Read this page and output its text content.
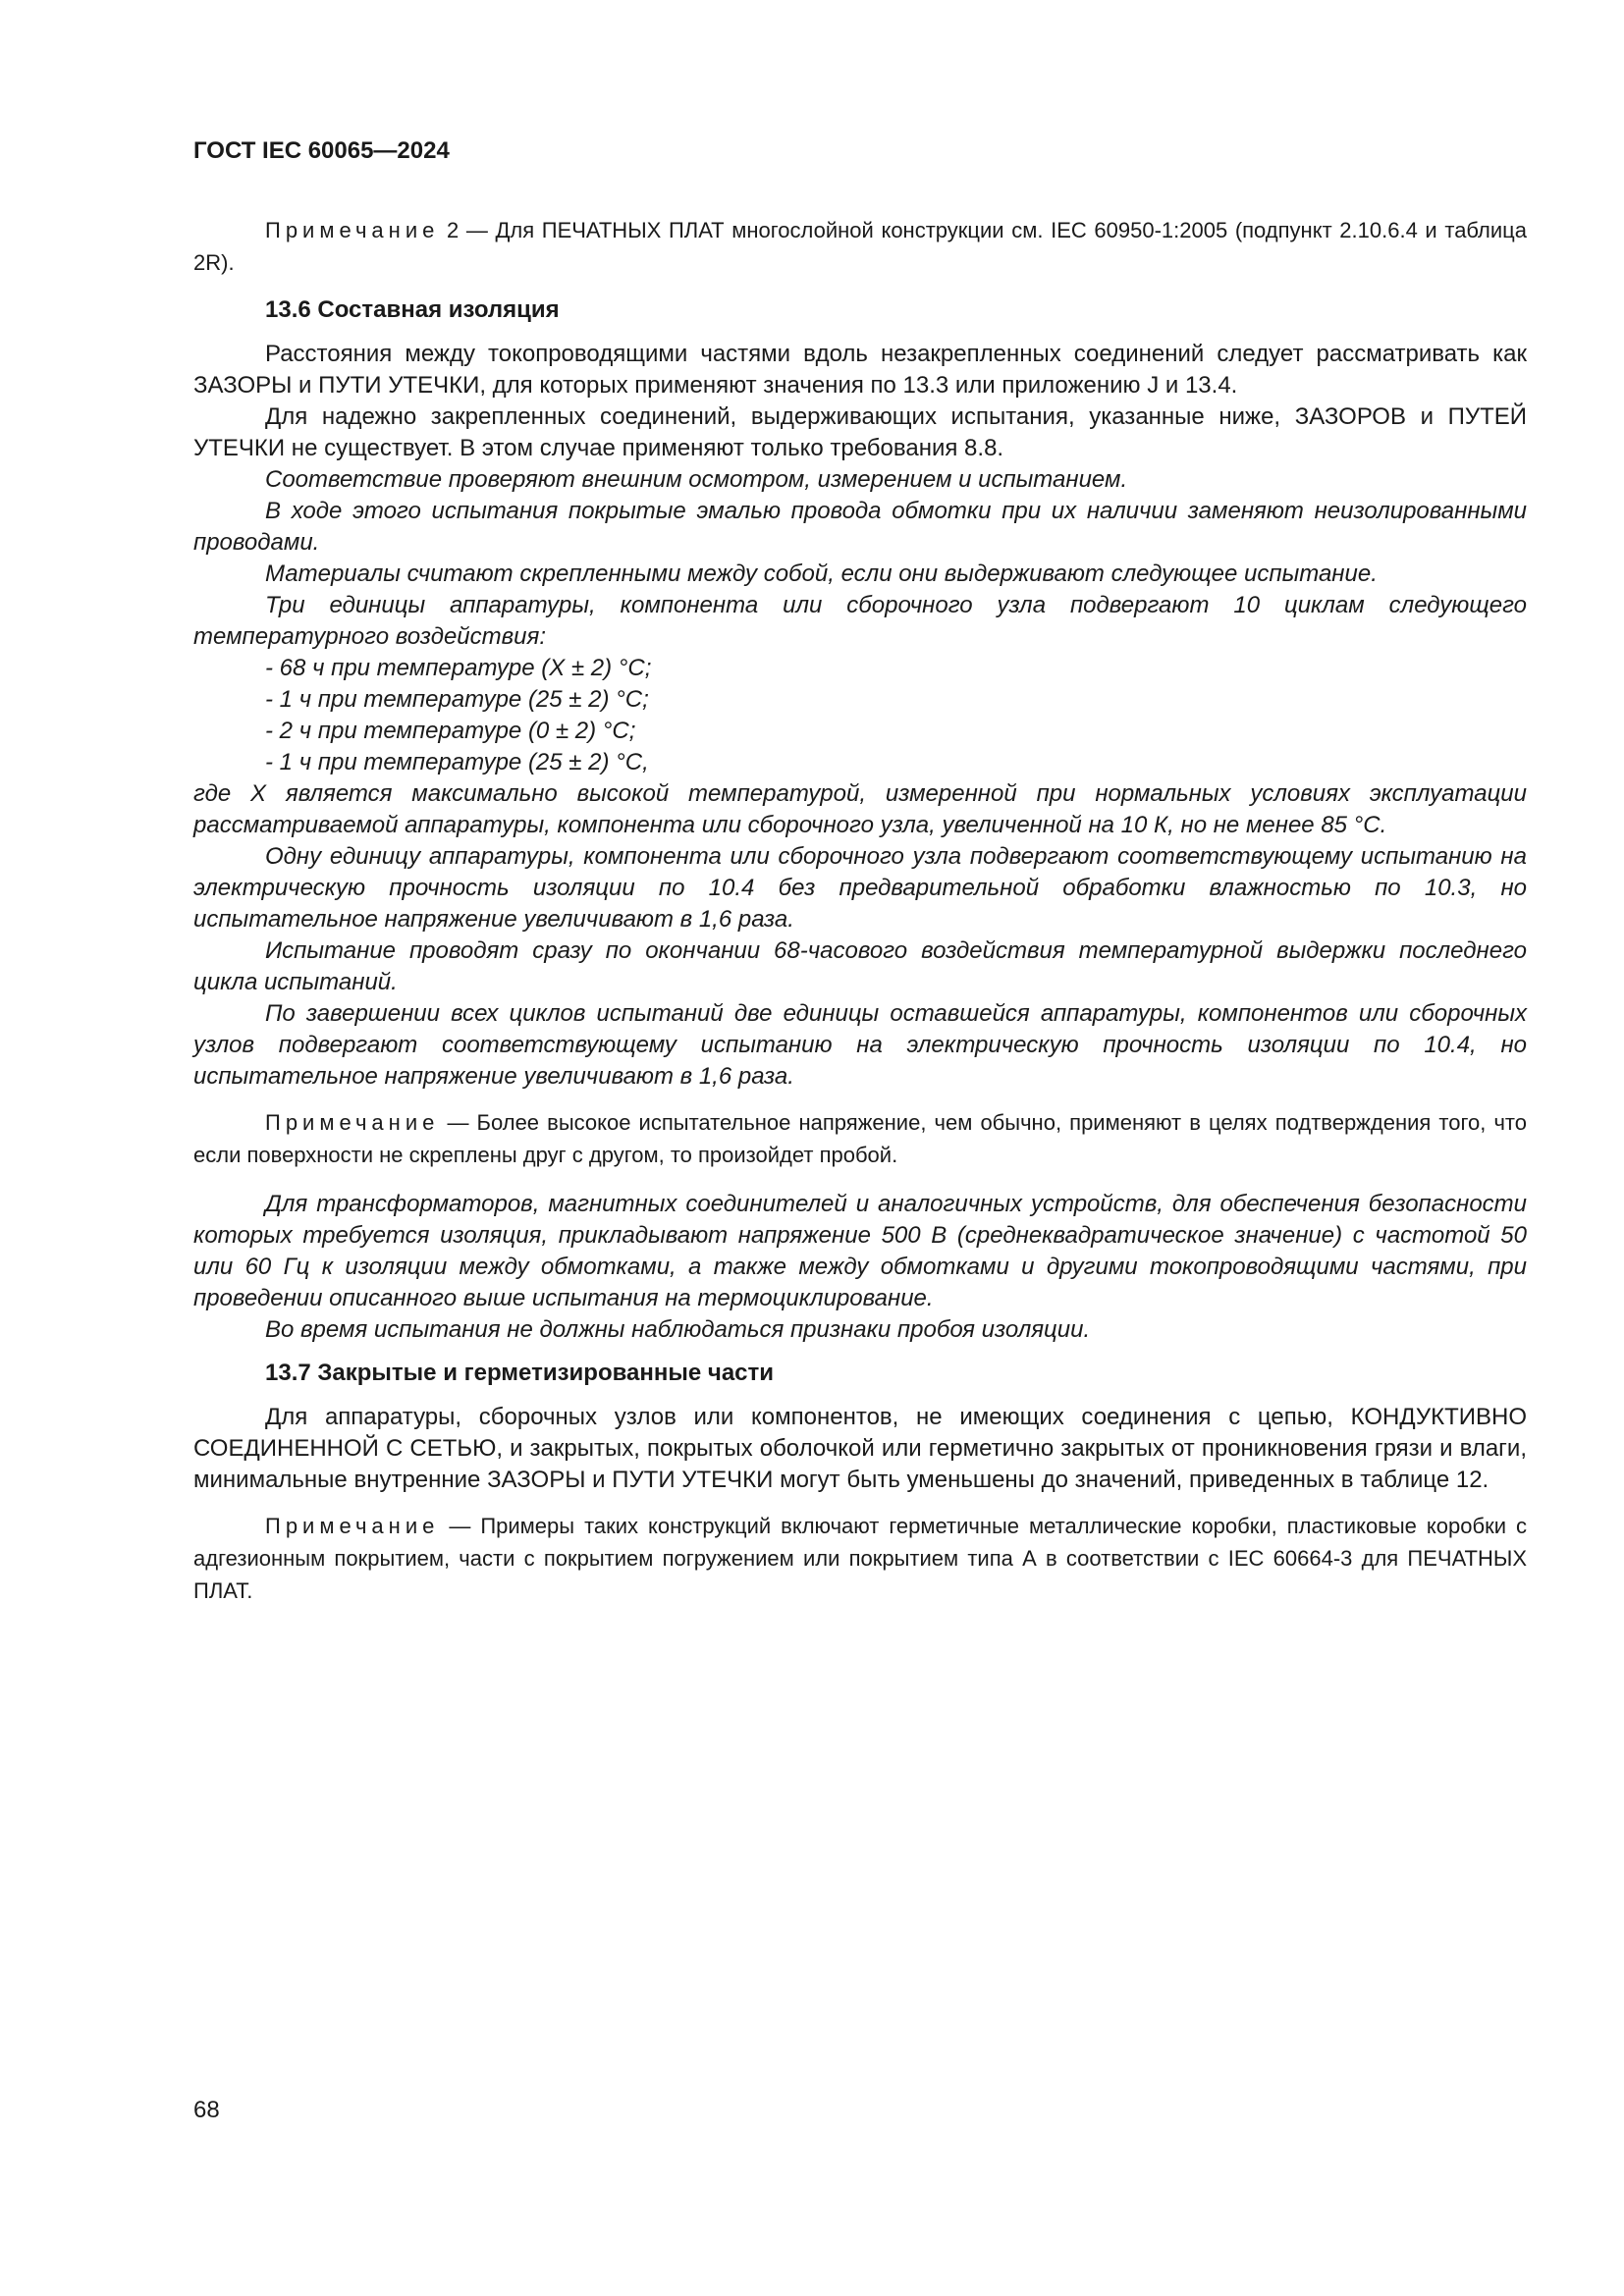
ГОСТ IEC 60065—2024

Примечание 2 — Для ПЕЧАТНЫХ ПЛАТ многослойной конструкции см. IEC 60950-1:2005 (подпункт 2.10.6.4 и таблица 2R).

13.6 Составная изоляция

Расстояния между токопроводящими частями вдоль незакрепленных соединений следует рассматривать как ЗАЗОРЫ и ПУТИ УТЕЧКИ, для которых применяют значения по 13.3 или приложению J и 13.4.

Для надежно закрепленных соединений, выдерживающих испытания, указанные ниже, ЗАЗОРОВ и ПУТЕЙ УТЕЧКИ не существует. В этом случае применяют только требования 8.8.

Соответствие проверяют внешним осмотром, измерением и испытанием.

В ходе этого испытания покрытые эмалью провода обмотки при их наличии заменяют неизолированными проводами.

Материалы считают скрепленными между собой, если они выдерживают следующее испытание.

Три единицы аппаратуры, компонента или сборочного узла подвергают 10 циклам следующего температурного воздействия:

- 68 ч при температуре (X ± 2) °С;
- 1 ч при температуре (25 ± 2) °С;
- 2 ч при температуре (0 ± 2) °С;
- 1 ч при температуре (25 ± 2) °С,

где X является максимально высокой температурой, измеренной при нормальных условиях эксплуатации рассматриваемой аппаратуры, компонента или сборочного узла, увеличенной на 10 К, но не менее 85 °С.

Одну единицу аппаратуры, компонента или сборочного узла подвергают соответствующему испытанию на электрическую прочность изоляции по 10.4 без предварительной обработки влажностью по 10.3, но испытательное напряжение увеличивают в 1,6 раза.

Испытание проводят сразу по окончании 68-часового воздействия температурной выдержки последнего цикла испытаний.

По завершении всех циклов испытаний две единицы оставшейся аппаратуры, компонентов или сборочных узлов подвергают соответствующему испытанию на электрическую прочность изоляции по 10.4, но испытательное напряжение увеличивают в 1,6 раза.

Примечание — Более высокое испытательное напряжение, чем обычно, применяют в целях подтверждения того, что если поверхности не скреплены друг с другом, то произойдет пробой.

Для трансформаторов, магнитных соединителей и аналогичных устройств, для обеспечения безопасности которых требуется изоляция, прикладывают напряжение 500 В (среднеквадратическое значение) с частотой 50 или 60 Гц к изоляции между обмотками, а также между обмотками и другими токопроводящими частями, при проведении описанного выше испытания на термоциклирование.

Во время испытания не должны наблюдаться признаки пробоя изоляции.

13.7 Закрытые и герметизированные части

Для аппаратуры, сборочных узлов или компонентов, не имеющих соединения с цепью, КОНДУКТИВНО СОЕДИНЕННОЙ С СЕТЬЮ, и закрытых, покрытых оболочкой или герметично закрытых от проникновения грязи и влаги, минимальные внутренние ЗАЗОРЫ и ПУТИ УТЕЧКИ могут быть уменьшены до значений, приведенных в таблице 12.

Примечание — Примеры таких конструкций включают герметичные металлические коробки, пластиковые коробки с адгезионным покрытием, части с покрытием погружением или покрытием типа А в соответствии с IEC 60664-3 для ПЕЧАТНЫХ ПЛАТ.

68
